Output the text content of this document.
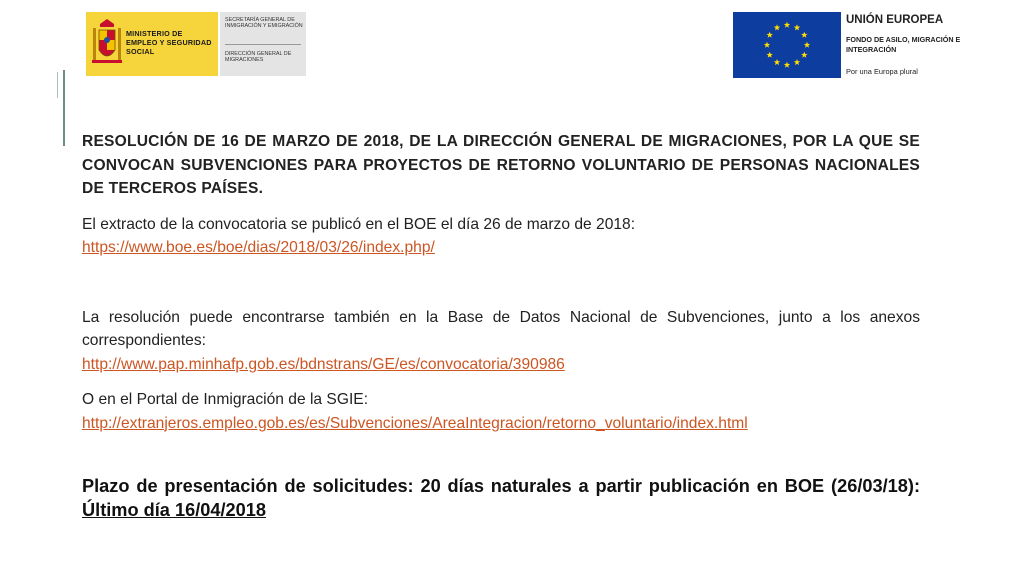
MINISTERIO DE EMPLEO Y SEGURIDAD SOCIAL
SECRETARÍA GENERAL DE INMIGRACIÓN Y EMIGRACIÓN
DIRECCIÓN GENERAL DE MIGRACIONES
UNIÓN EUROPEA
FONDO DE ASILO, MIGRACIÓN E INTEGRACIÓN
Por una Europa plural

RESOLUCIÓN DE 16 DE MARZO DE 2018, DE LA DIRECCIÓN GENERAL DE MIGRACIONES, POR LA QUE SE CONVOCAN SUBVENCIONES PARA PROYECTOS DE RETORNO VOLUNTARIO DE PERSONAS NACIONALES DE TERCEROS PAÍSES.

El extracto de la convocatoria se publicó en el BOE el día 26 de marzo de 2018:

https://www.boe.es/boe/dias/2018/03/26/index.php/

La resolución puede encontrarse también en la Base de Datos Nacional de Subvenciones, junto a los anexos correspondientes:

http://www.pap.minhafp.gob.es/bdnstrans/GE/es/convocatoria/390986

O en el Portal de Inmigración de la SGIE:

http://extranjeros.empleo.gob.es/es/Subvenciones/AreaIntegracion/retorno_voluntario/index.html

Plazo de presentación de solicitudes: 20 días naturales a partir publicación en BOE (26/03/18): Último día 16/04/2018
